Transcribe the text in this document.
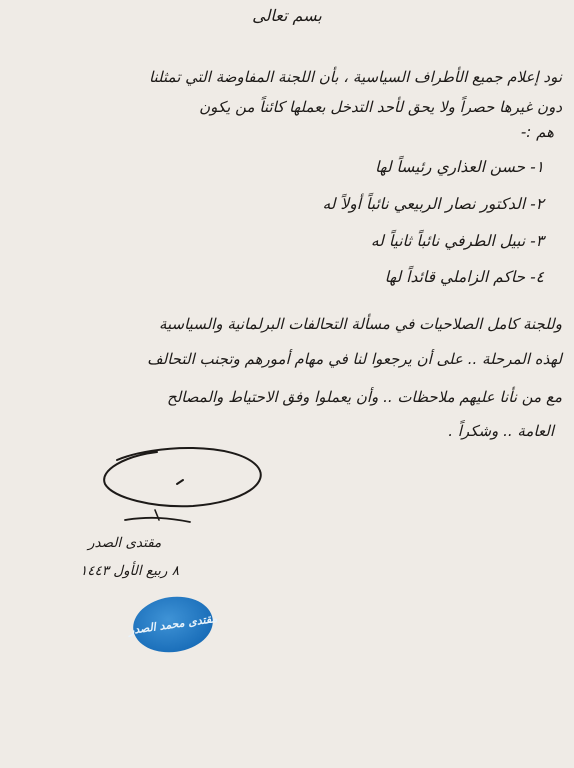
بسم تعالى
نود إعلام جميع الأطراف السياسية ، بأن اللجنة المفاوضة التي تمثلنا
دون غيرها حصراً ولا يحق لأحد التدخل بعملها كائناً من يكون
هم :-
١- حسن العذاري رئيساً لها
٢- الدكتور نصار الربيعي نائباً أولاً له
٣- نبيل الطرفي نائباً ثانياً له
٤- حاكم الزاملي قائداً لها
وللجنة كامل الصلاحيات في مسألة التحالفات البرلمانية والسياسية
لهذه المرحلة .. على أن يرجعوا لنا في مهام أمورهم وتجنب التحالف
مع من نأنا عليهم ملاحظات .. وأن يعملوا وفق الاحتياط والمصالح
العامة .. وشكراً .
مقتدى الصدر
٨ ربيع الأول ١٤٤٣
مقتدى محمد الصدر
